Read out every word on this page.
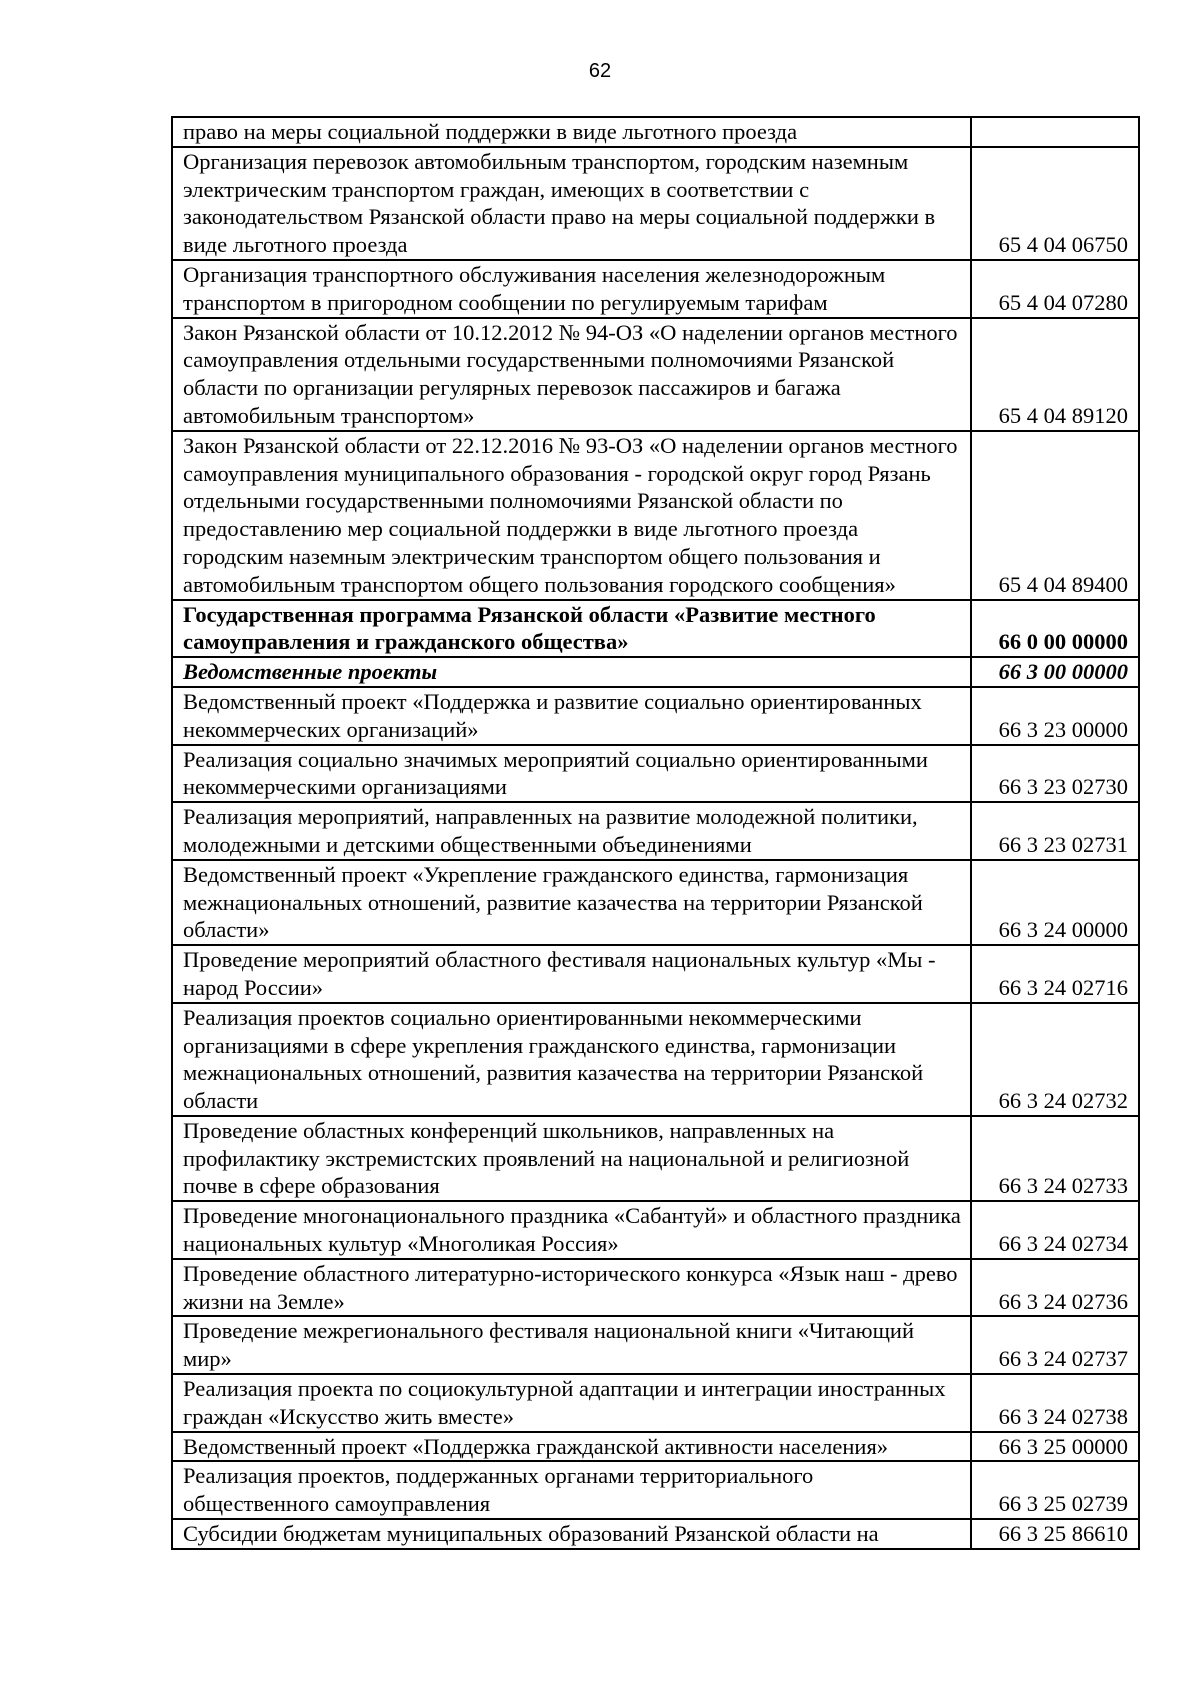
62
право на меры социальной поддержки в виде льготного проезда	
Организация перевозок автомобильным транспортом, городским наземным электрическим транспортом граждан, имеющих в соответствии с законодательством Рязанской области право на меры социальной поддержки в виде льготного проезда	65 4 04 06750
Организация транспортного обслуживания населения железнодорожным транспортом в пригородном сообщении по регулируемым тарифам	65 4 04 07280
Закон Рязанской области от 10.12.2012 № 94-ОЗ «О наделении органов местного самоуправления отдельными государственными полномочиями Рязанской области по организации регулярных перевозок пассажиров и багажа автомобильным транспортом»	65 4 04 89120
Закон Рязанской области от 22.12.2016 № 93-ОЗ «О наделении органов местного самоуправления муниципального образования - городской округ город Рязань отдельными государственными полномочиями Рязанской области по предоставлению мер социальной поддержки в виде льготного проезда городским наземным электрическим транспортом общего пользования и автомобильным транспортом общего пользования городского сообщения»	65 4 04 89400
Государственная программа Рязанской области «Развитие местного самоуправления и гражданского общества»	66 0 00 00000
Ведомственные проекты	66 3 00 00000
Ведомственный проект «Поддержка и развитие социально ориентированных некоммерческих организаций»	66 3 23 00000
Реализация социально значимых мероприятий социально ориентированными некоммерческими организациями	66 3 23 02730
Реализация мероприятий, направленных на развитие молодежной политики, молодежными и детскими общественными объединениями	66 3 23 02731
Ведомственный проект «Укрепление гражданского единства, гармонизация межнациональных отношений, развитие казачества на территории Рязанской области»	66 3 24 00000
Проведение мероприятий областного фестиваля национальных культур «Мы - народ России»	66 3 24 02716
Реализация проектов социально ориентированными некоммерческими организациями в сфере укрепления гражданского единства, гармонизации межнациональных отношений, развития казачества на территории Рязанской области	66 3 24 02732
Проведение областных конференций школьников, направленных на профилактику экстремистских проявлений на национальной и религиозной почве в сфере образования	66 3 24 02733
Проведение многонационального праздника «Сабантуй» и областного праздника национальных культур «Многоликая Россия»	66 3 24 02734
Проведение областного литературно-исторического конкурса «Язык наш - древо жизни на Земле»	66 3 24 02736
Проведение межрегионального фестиваля национальной книги «Читающий мир»	66 3 24 02737
Реализация проекта по социокультурной адаптации и интеграции иностранных граждан «Искусство жить вместе»	66 3 24 02738
Ведомственный проект «Поддержка гражданской активности населения»	66 3 25 00000
Реализация проектов, поддержанных органами территориального общественного самоуправления	66 3 25 02739
Субсидии бюджетам муниципальных образований Рязанской области на	66 3 25 86610
